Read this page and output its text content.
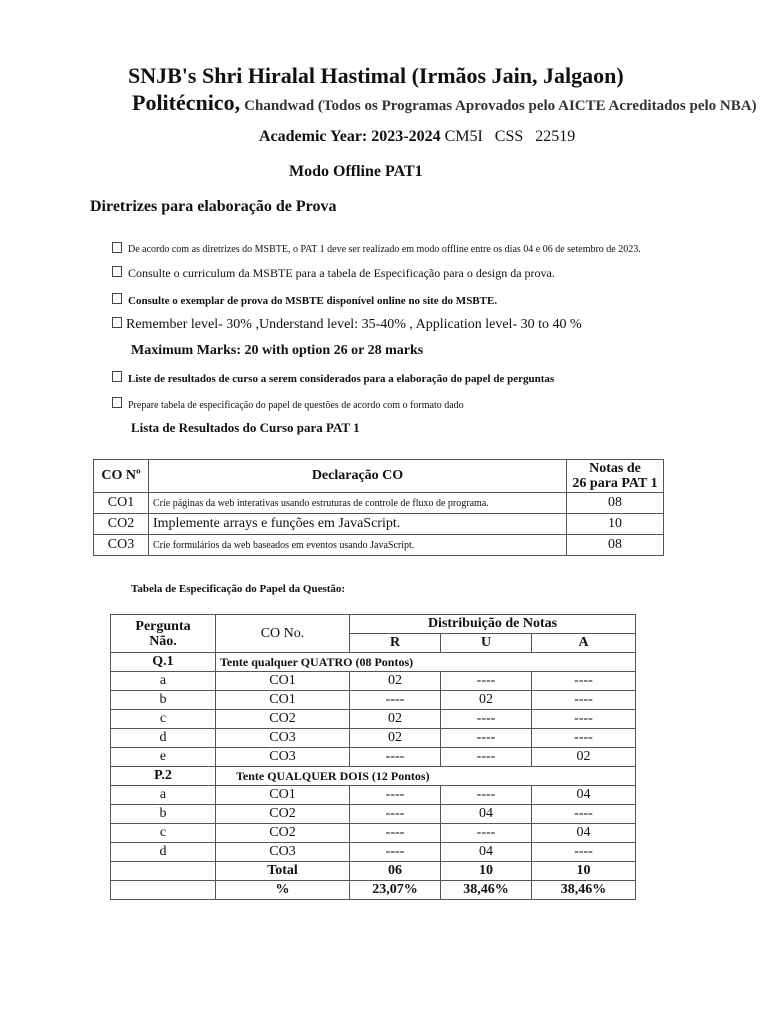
SNJB's Shri Hiralal Hastimal (Irmãos Jain, Jalgaon)
Politécnico, Chandwad (Todos os Programas Aprovados pelo AICTE Acreditados pelo NBA)
Academic Year: 2023-2024 CM5I   CSS   22519
Modo Offline PAT1
Diretrizes para elaboração de Prova
De acordo com as diretrizes do MSBTE, o PAT 1 deve ser realizado em modo offline entre os dias 04 e 06 de setembro de 2023.
Consulte o curriculum da MSBTE para a tabela de Especificação para o design da prova.
Consulte o exemplar de prova do MSBTE disponível online no site do MSBTE.
Remember level- 30% ,Understand level: 35-40% , Application level- 30 to 40 %
Maximum Marks: 20 with option 26 or 28 marks
Liste de resultados de curso a serem considerados para a elaboração do papel de perguntas
Prepare tabela de especificação do papel de questões de acordo com o formato dado
Lista de Resultados do Curso para PAT 1
CO Nº	Declaração CO	Notas de
26 para PAT 1
CO1	Crie páginas da web interativas usando estruturas de controle de fluxo de programa.	08
CO2	Implemente arrays e funções em JavaScript.	10
CO3	Crie formulários da web baseados em eventos usando JavaScript.	08
Tabela de Especificação do Papel da Questão:
Pergunta
Não.	CO No.	Distribuição de Notas		
		R	U	A
Q.1	Tente qualquer QUATRO (08 Pontos)			
a	CO1	02	----	----
b	CO1	----	02	----
c	CO2	02	----	----
d	CO3	02	----	----
e	CO3	----	----	02
P.2	Tente QUALQUER DOIS (12 Pontos)			
a	CO1	----	----	04
b	CO2	----	04	----
c	CO2	----	----	04
d	CO3	----	04	----
	Total	06	10	10
	%	23,07%	38,46%	38,46%
